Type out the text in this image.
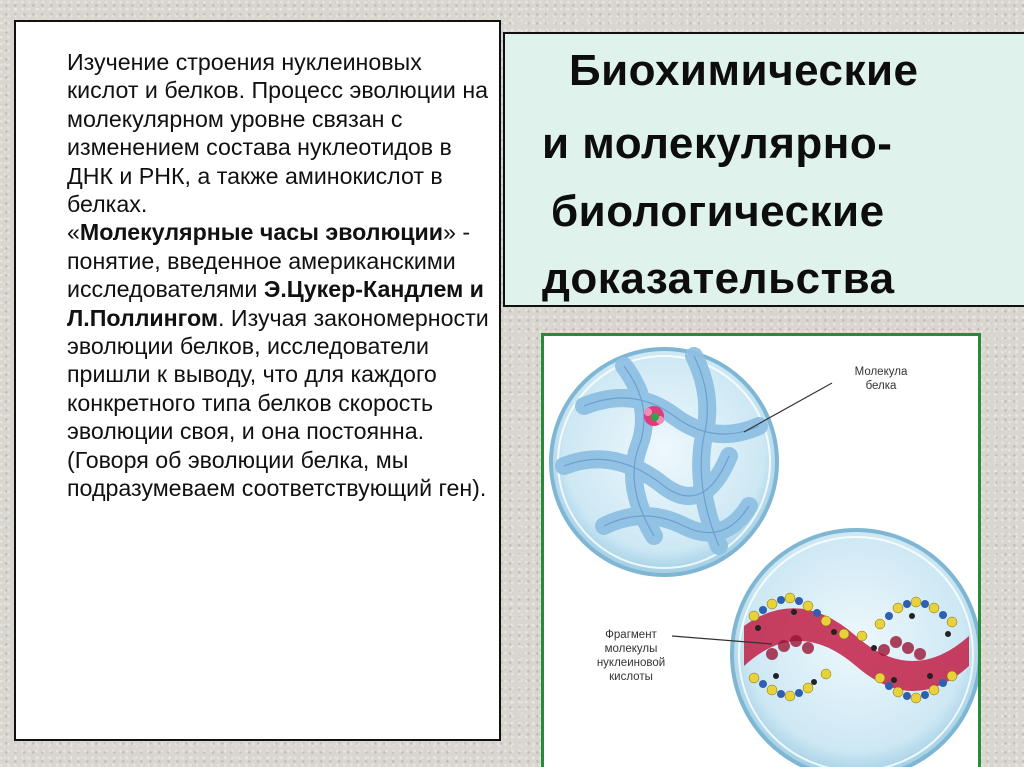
Изучение строения нуклеиновых кислот и белков. Процесс эволюции на молекулярном уровне связан с изменением состава нуклеотидов в ДНК и РНК, а также аминокислот в белках.
«Молекулярные часы эволюции» - понятие, введенное американскими исследователями Э.Цукер-Кандлем и Л.Поллингом. Изучая закономерности эволюции белков, исследователи пришли к выводу, что для каждого конкретного типа белков скорость эволюции своя, и она постоянна. (Говоря об эволюции белка, мы подразумеваем соответствующий ген).
Биохимические
и молекулярно-
биологические
доказательства
Молекула
белка
Фрагмент
молекулы
нуклеиновой
кислоты
